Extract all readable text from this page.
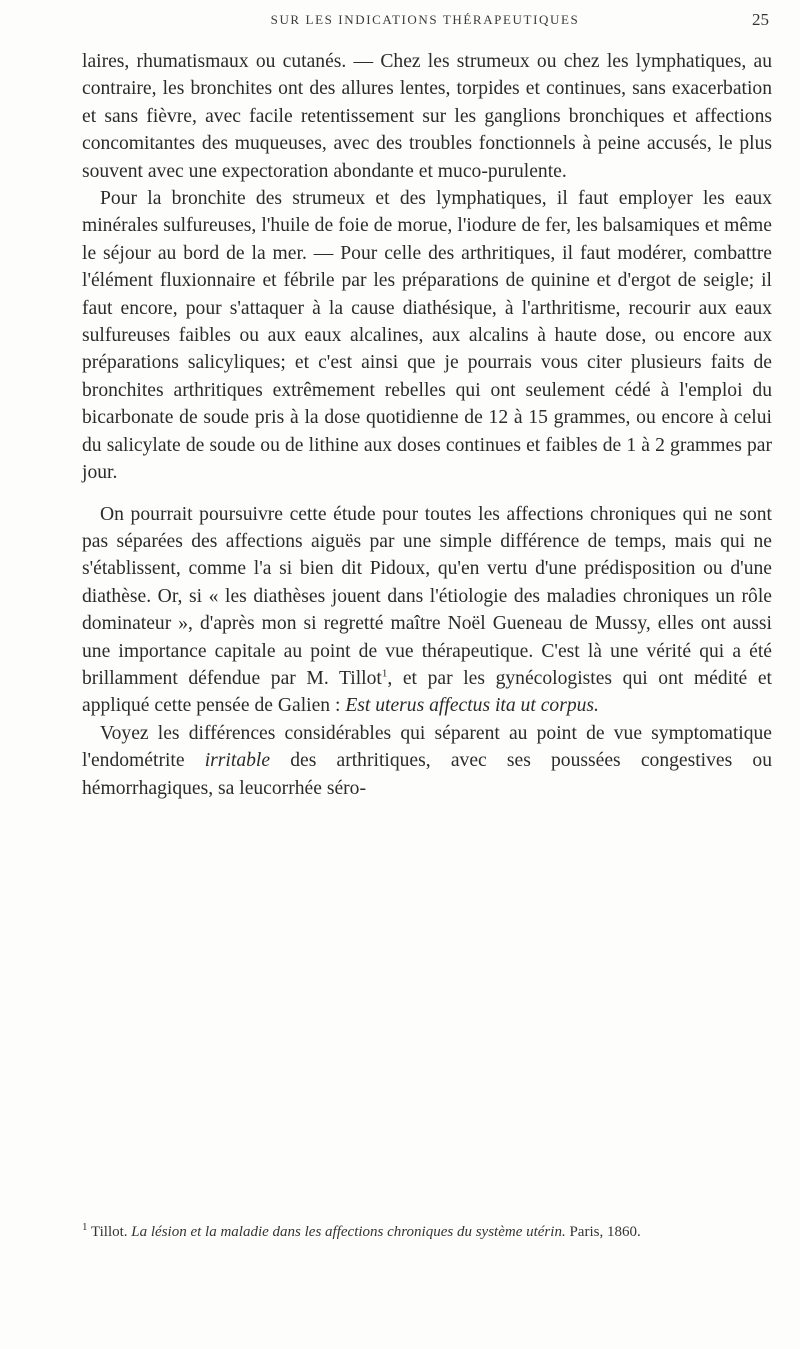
SUR LES INDICATIONS THÉRAPEUTIQUES	25

laires, rhumatismaux ou cutanés. — Chez les strumeux ou chez les lymphatiques, au contraire, les bronchites ont des allures lentes, torpides et continues, sans exacerbation et sans fièvre, avec facile retentissement sur les ganglions bronchiques et affections concomitantes des muqueuses, avec des troubles fonctionnels à peine accusés, le plus souvent avec une expectoration abondante et muco-purulente.

Pour la bronchite des strumeux et des lymphatiques, il faut employer les eaux minérales sulfureuses, l'huile de foie de morue, l'iodure de fer, les balsamiques et même le séjour au bord de la mer. — Pour celle des arthritiques, il faut modérer, combattre l'élément fluxionnaire et fébrile par les préparations de quinine et d'ergot de seigle; il faut encore, pour s'attaquer à la cause diathésique, à l'arthritisme, recourir aux eaux sulfureuses faibles ou aux eaux alcalines, aux alcalins à haute dose, ou encore aux préparations salicyliques; et c'est ainsi que je pourrais vous citer plusieurs faits de bronchites arthritiques extrêmement rebelles qui ont seulement cédé à l'emploi du bicarbonate de soude pris à la dose quotidienne de 12 à 15 grammes, ou encore à celui du salicylate de soude ou de lithine aux doses continues et faibles de 1 à 2 grammes par jour.

On pourrait poursuivre cette étude pour toutes les affections chroniques qui ne sont pas séparées des affections aiguës par une simple différence de temps, mais qui ne s'établissent, comme l'a si bien dit Pidoux, qu'en vertu d'une prédisposition ou d'une diathèse. Or, si « les diathèses jouent dans l'étiologie des maladies chroniques un rôle dominateur », d'après mon si regretté maître Noël Gueneau de Mussy, elles ont aussi une importance capitale au point de vue thérapeutique. C'est là une vérité qui a été brillamment défendue par M. Tillot$^1$, et par les gynécologistes qui ont médité et appliqué cette pensée de Galien : Est uterus affectus ita ut corpus.

Voyez les différences considérables qui séparent au point de vue symptomatique l'endométrite irritable des arthritiques, avec ses poussées congestives ou hémorrhagiques, sa leucorrhée séro-

$^1$ Tillot. La lésion et la maladie dans les affections chroniques du système utérin. Paris, 1860.
